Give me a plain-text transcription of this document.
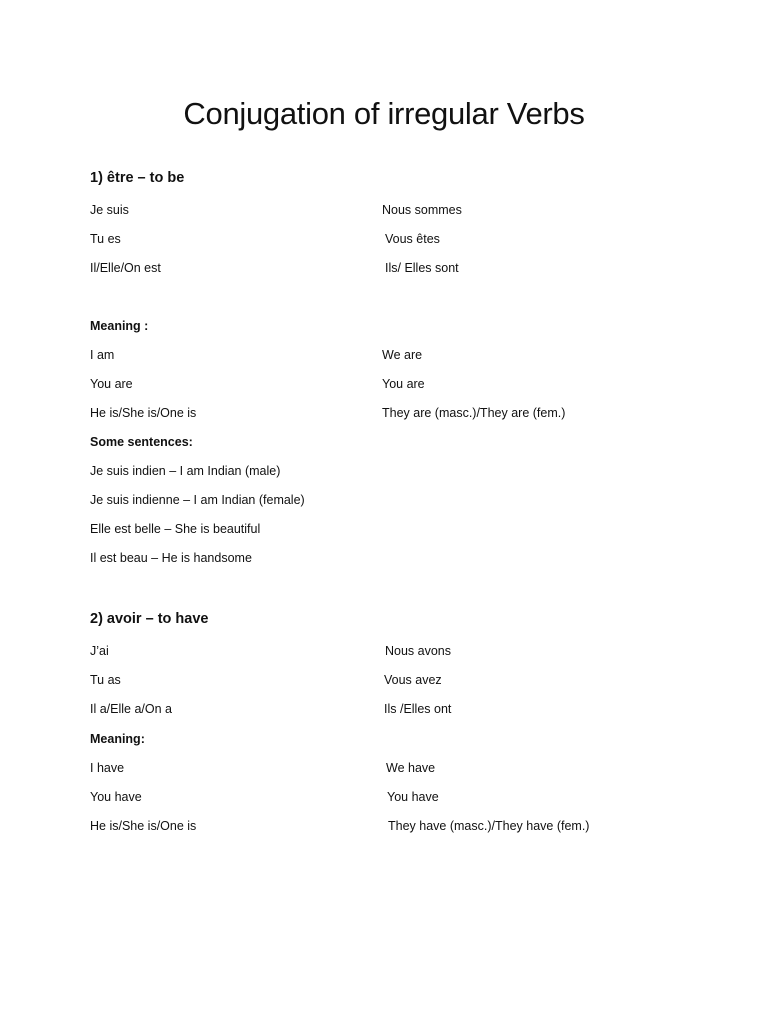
Conjugation of irregular Verbs
1) être – to be
Je suis	Nous sommes
Tu es	Vous êtes
Il/Elle/On est	Ils/ Elles sont
Meaning :
I am	We are
You are	You are
He is/She is/One is	They are (masc.)/They are (fem.)
Some sentences:
Je suis indien – I am Indian (male)
Je suis indienne – I am Indian (female)
Elle est belle – She is beautiful
Il est beau – He is handsome
2) avoir – to have
J’ai	Nous avons
Tu as	Vous avez
Il a/Elle a/On a	Ils /Elles ont
Meaning:
I have	We have
You have	You have
He is/She is/One is	They have (masc.)/They have (fem.)
